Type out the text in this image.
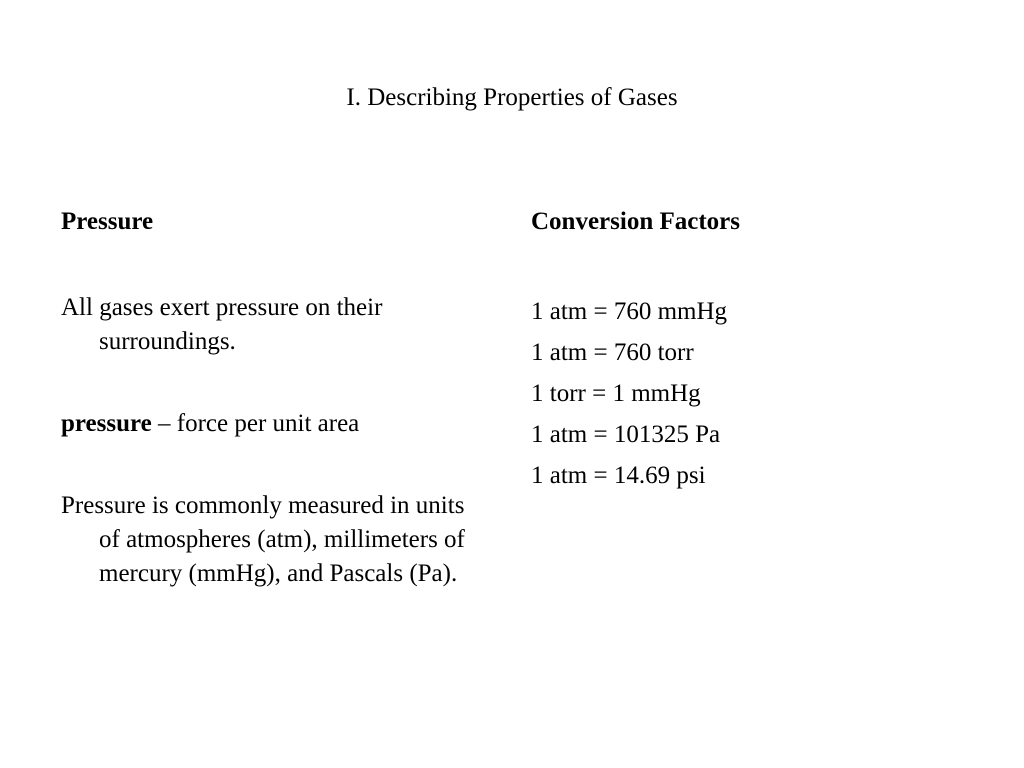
I. Describing Properties of Gases

Pressure

All gases exert pressure on their surroundings.

pressure – force per unit area

Pressure is commonly measured in units of atmospheres (atm), millimeters of mercury (mmHg), and Pascals (Pa).

Conversion Factors

1 atm = 760 mmHg
1 atm = 760 torr
1 torr = 1 mmHg
1 atm = 101325 Pa
1 atm = 14.69 psi
